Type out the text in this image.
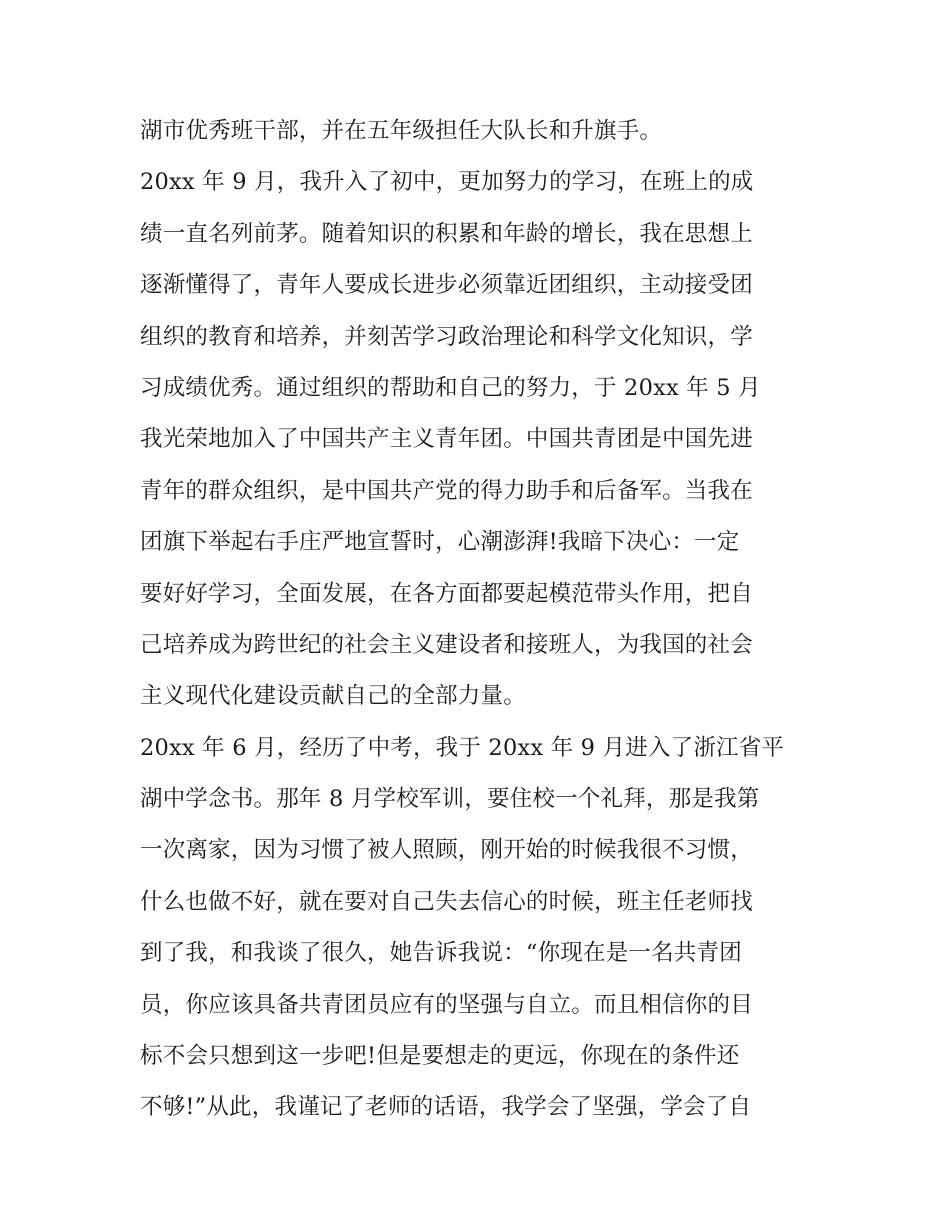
湖市优秀班干部，并在五年级担任大队长和升旗手。
20xx 年 9 月，我升入了初中，更加努力的学习，在班上的成
绩一直名列前茅。随着知识的积累和年龄的增长，我在思想上
逐渐懂得了，青年人要成长进步必须靠近团组织，主动接受团
组织的教育和培养，并刻苦学习政治理论和科学文化知识，学
习成绩优秀。通过组织的帮助和自己的努力，于 20xx 年 5 月
我光荣地加入了中国共产主义青年团。中国共青团是中国先进
青年的群众组织，是中国共产党的得力助手和后备军。当我在
团旗下举起右手庄严地宣誓时，心潮澎湃!我暗下决心：一定
要好好学习，全面发展，在各方面都要起模范带头作用，把自
己培养成为跨世纪的社会主义建设者和接班人，为我国的社会
主义现代化建设贡献自己的全部力量。
20xx 年 6 月，经历了中考，我于 20xx 年 9 月进入了浙江省平
湖中学念书。那年 8 月学校军训，要住校一个礼拜，那是我第
一次离家，因为习惯了被人照顾，刚开始的时候我很不习惯，
什么也做不好，就在要对自己失去信心的时候，班主任老师找
到了我，和我谈了很久，她告诉我说：“你现在是一名共青团
员，你应该具备共青团员应有的坚强与自立。而且相信你的目
标不会只想到这一步吧!但是要想走的更远，你现在的条件还
不够!”从此，我谨记了老师的话语，我学会了坚强，学会了自
